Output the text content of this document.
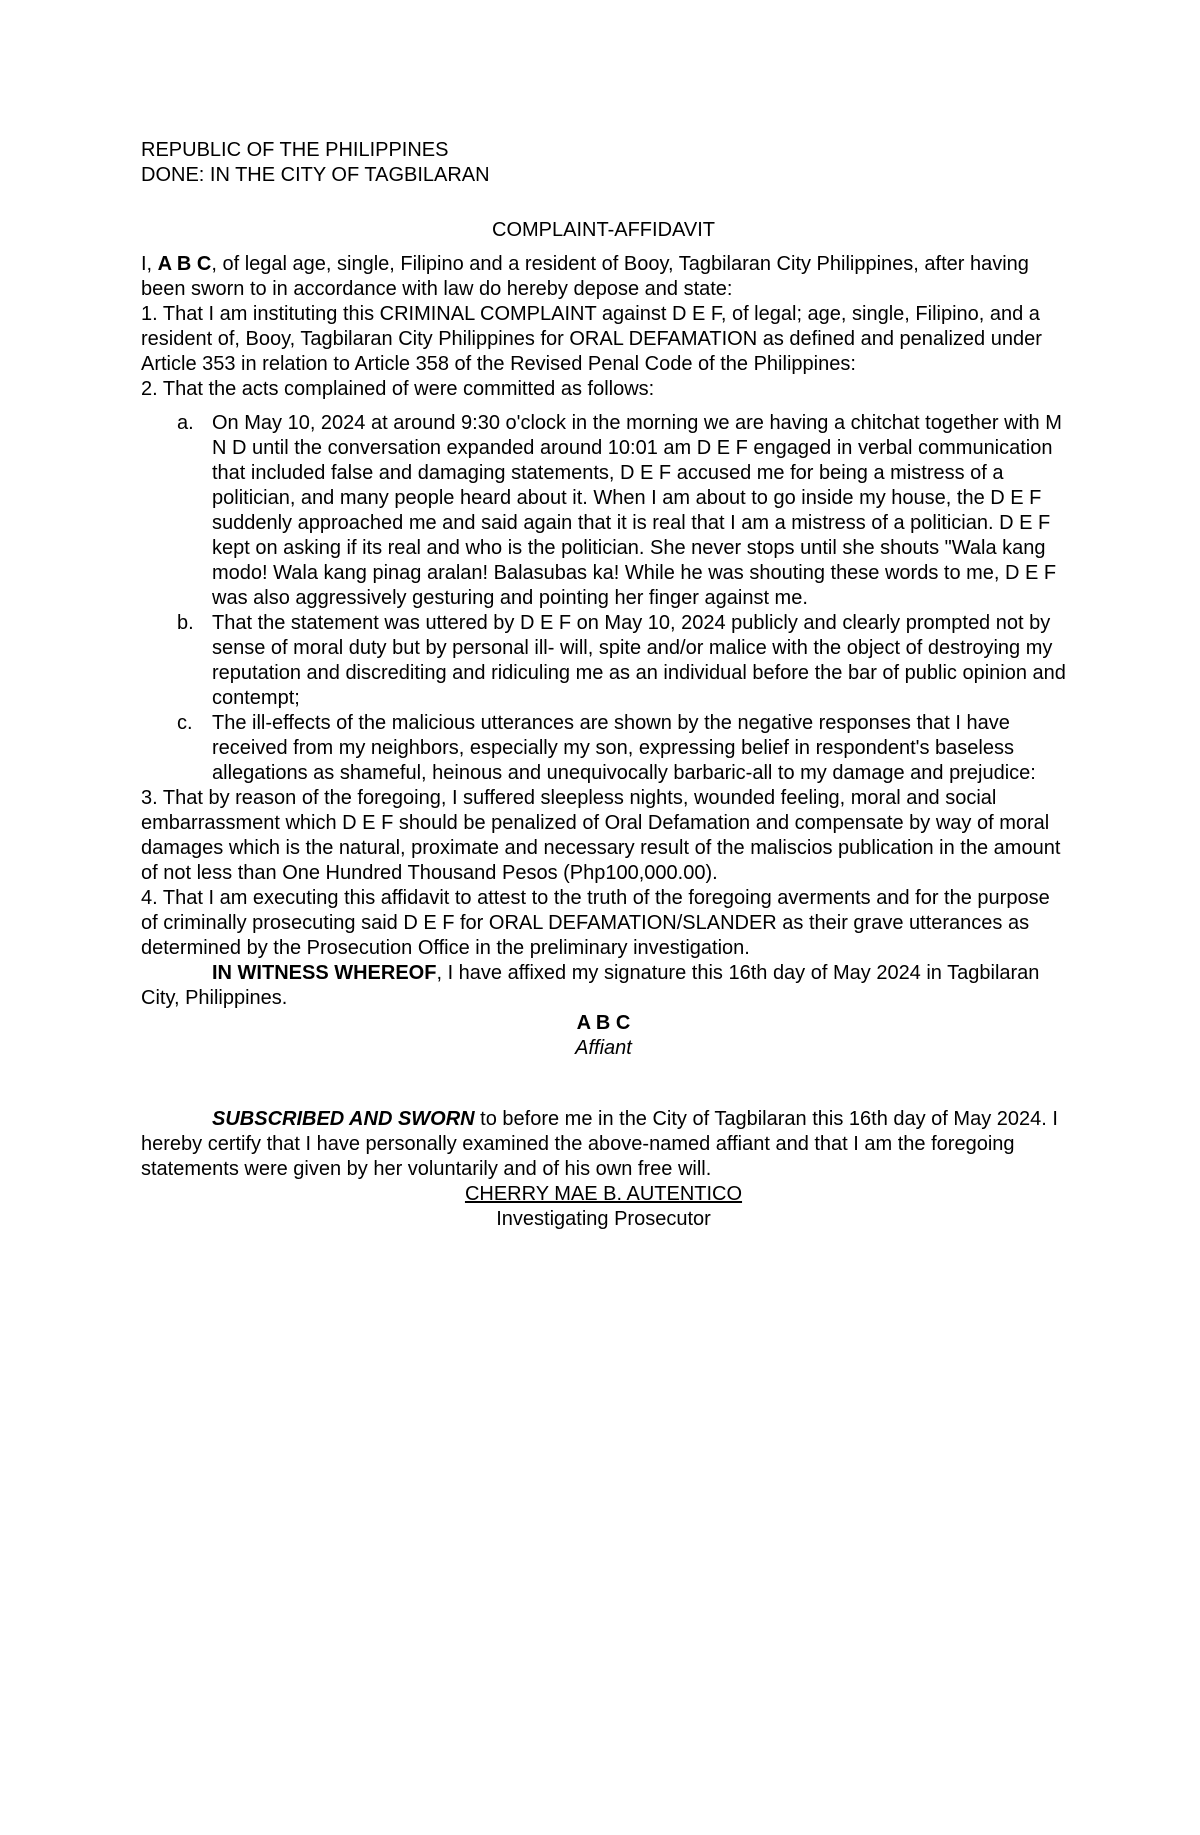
REPUBLIC OF THE PHILIPPINES

DONE: IN THE CITY OF TAGBILARAN

COMPLAINT-AFFIDAVIT

I, A B C, of legal age, single, Filipino and a resident of Booy, Tagbilaran City Philippines, after having been sworn to in accordance with law do hereby depose and state:

1. That I am instituting this CRIMINAL COMPLAINT against D E F, of legal; age, single, Filipino, and a resident of, Booy, Tagbilaran City Philippines for ORAL DEFAMATION as defined and penalized under Article 353 in relation to Article 358 of the Revised Penal Code of the Philippines:

2. That the acts complained of were committed as follows:

a. On May 10, 2024 at around 9:30 o'clock in the morning we are having a chitchat together with M N D until the conversation expanded around 10:01 am D E F engaged in verbal communication that included false and damaging statements, D E F accused me for being a mistress of a politician, and many people heard about it. When I am about to go inside my house, the D E F suddenly approached me and said again that it is real that I am a mistress of a politician. D E F kept on asking if its real and who is the politician. She never stops until she shouts "Wala kang modo! Wala kang pinag aralan! Balasubas ka! While he was shouting these words to me, D E F was also aggressively gesturing and pointing her finger against me.
b. That the statement was uttered by D E F on May 10, 2024 publicly and clearly prompted not by sense of moral duty but by personal ill- will, spite and/or malice with the object of destroying my reputation and discrediting and ridiculing me as an individual before the bar of public opinion and contempt;
c. The ill-effects of the malicious utterances are shown by the negative responses that I have received from my neighbors, especially my son, expressing belief in respondent's baseless allegations as shameful, heinous and unequivocally barbaric-all to my damage and prejudice:

3. That by reason of the foregoing, I suffered sleepless nights, wounded feeling, moral and social embarrassment which D E F should be penalized of Oral Defamation and compensate by way of moral damages which is the natural, proximate and necessary result of the maliscios publication in the amount of not less than One Hundred Thousand Pesos (Php100,000.00).

4. That I am executing this affidavit to attest to the truth of the foregoing averments and for the purpose of criminally prosecuting said D E F for ORAL DEFAMATION/SLANDER as their grave utterances as determined by the Prosecution Office in the preliminary investigation.

IN WITNESS WHEREOF, I have affixed my signature this 16th day of May 2024 in Tagbilaran City, Philippines.

A B C

Affiant

SUBSCRIBED AND SWORN to before me in the City of Tagbilaran this 16th day of May 2024. I hereby certify that I have personally examined the above-named affiant and that I am the foregoing statements were given by her voluntarily and of his own free will.

CHERRY MAE B. AUTENTICO

Investigating Prosecutor
